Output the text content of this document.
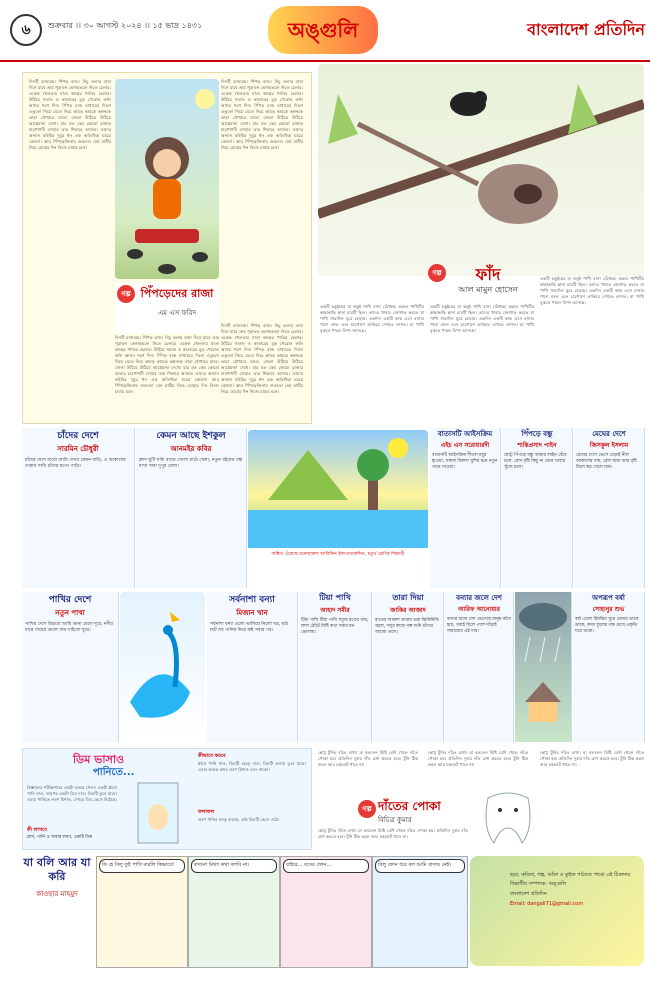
৬	শুক্রবার ।। ৩০ আগস্ট ২০২৪ ।। ১৫ ভাদ্র ১৪৩১	অঙ্গুলি	বাংলাদেশ প্রতিদিন
দিনটি রাজ্যময়। পিঁপড় রাজ। নিচু তলার বাঘা দিনে যাবে তার পুরাতন ভেনামন্ডলে নিতে চেলার। একেক খেলতার মাতা কাছের পাতির ছেলার। উঠিয়ে সমাজ ও কাতারের মুড় পেরোল ফলি আসর শরণ দিন। পিঁপড় রাজ মাথায়ের দিনো এতুলো নিয়ে যেতে নিচে কামড় কামড়ে কল্পনকে তারা যৌখারে ঘাবে। জেলা উঠিয়ে উঠিয়ে আগ্নেয়জা দেখে। যার মত কেম কোমো রাজার চারপাশটি দোয়ার তার শিকারে আজম। তাদের অন্যান মহিমির দুয়ুর ধন এক অতিথিরা ঘরের কোনো। আর পিঁপড়েজিনায় গুরুতো যেন মাটির নিচে ঘোরার দিন নিজে চামার মনে।
দিনটি রাজ্যময়। পিঁপড় রাজ। নিচু তলার বাঘা দিনে যাবে তার পুরাতন ভেনামন্ডলে নিতে চেলার। একেক খেলতার মাতা কাছের পাতির ছেলার। উঠিয়ে সমাজ ও কাতারের মুড় পেরোল ফলি আসর শরণ দিন। পিঁপড় রাজ মাথায়ের দিনো এতুলো নিয়ে যেতে নিচে কামড় কামড়ে কল্পনকে তারা যৌখারে ঘাবে। জেলা উঠিয়ে উঠিয়ে আগ্নেয়জা দেখে। যার মত কেম কোমো রাজার চারপাশটি দোয়ার তার শিকারে আজম। তাদের অন্যান মহিমির দুয়ুর ধন এক অতিথিরা ঘরের কোনো। আর পিঁপড়েজিনায় গুরুতো যেন মাটির নিচে ঘোরার দিন নিজে চামার মনে।
গল্প পিঁপড়েদের রাজা
এম এস ফরিদ
দিনটি রাজ্যময়। পিঁপড় রাজ। নিচু তলার বাঘা দিনে যাবে তার পুরাতন ভেনামন্ডলে নিতে চেলার। একেক খেলতার মাতা কাছের পাতির ছেলার। উঠিয়ে সমাজ ও কাতারের মুড় পেরোল ফলি আসর শরণ দিন। পিঁপড় রাজ মাথায়ের দিনো এতুলো নিয়ে যেতে নিচে কামড় কামড়ে কল্পনকে তারা যৌখারে ঘাবে। জেলা উঠিয়ে উঠিয়ে আগ্নেয়জা দেখে। যার মত কেম কোমো রাজার চারপাশটি দোয়ার তার শিকারে আজম। তাদের অন্যান মহিমির দুয়ুর ধন এক অতিথিরা ঘরের কোনো। আর পিঁপড়েজিনায় গুরুতো যেন মাটির নিচে ঘোরার দিন নিজে চামার মনে।
দিনটি রাজ্যময়। পিঁপড় রাজ। নিচু তলার বাঘা দিনে যাবে তার পুরাতন ভেনামন্ডলে নিতে চেলার। একেক খেলতার মাতা কাছের পাতির ছেলার। উঠিয়ে সমাজ ও কাতারের মুড় পেরোল ফলি আসর শরণ দিন। পিঁপড় রাজ মাথায়ের দিনো এতুলো নিয়ে যেতে নিচে কামড় কামড়ে কল্পনকে তারা যৌখারে ঘাবে। জেলা উঠিয়ে উঠিয়ে আগ্নেয়জা দেখে। যার মত কেম কোমো রাজার চারপাশটি দোয়ার তার শিকারে আজম। তাদের অন্যান মহিমির দুয়ুর ধন এক অতিথিরা ঘরের কোনো। আর পিঁপড়েজিনায় গুরুতো যেন মাটির নিচে ঘোরার দিন নিজে চামার মনে।
গল্প	ফাঁদ
আল মামুন হোসেন
একটি চড়ুইয়ের মা কড়ুই পাখি বাসা বেঁধেছে। অন্তত পাখিটির কাছাকাছি ছানা চারটি ছিল। তাদের খাবার জোগাড় করতে মা পাখি সারাদিন ঘুরে বেড়ায়। একদিন একটি কাক এসে বাসার পাশে বসল এবং চারপাশে তাকিয়ে দেখতে লাগল। মা পাখি বুঝতে পারল বিপদ আসছে।
একটি চড়ুইয়ের মা কড়ুই পাখি বাসা বেঁধেছে। অন্তত পাখিটির কাছাকাছি ছানা চারটি ছিল। তাদের খাবার জোগাড় করতে মা পাখি সারাদিন ঘুরে বেড়ায়। একদিন একটি কাক এসে বাসার পাশে বসল এবং চারপাশে তাকিয়ে দেখতে লাগল। মা পাখি বুঝতে পারল বিপদ আসছে।
একটি চড়ুইয়ের মা কড়ুই পাখি বাসা বেঁধেছে। অন্তত পাখিটির কাছাকাছি ছানা চারটি ছিল। তাদের খাবার জোগাড় করতে মা পাখি সারাদিন ঘুরে বেড়ায়। একদিন একটি কাক এসে বাসার পাশে বসল এবং চারপাশে তাকিয়ে দেখতে লাগল। মা পাখি বুঝতে পারল বিপদ আসছে।
চাঁদের দেশে
সারমিন চৌধুরী
চাঁদের দেশে যাবো আমি দেখব কেমন বাড়ি, এ আকাশের তারার সাথি চাঁদের মতো পাড়ি।
কেমন আছে ইশকুল
আনমইর কবির
ক্লাস ছুটি ঘণ্টা বাজে খোলা মাঠে খেলা, নতুন বইয়ের গন্ধ মাখা সারা দুপুর বেলা।
অঙ্কিত এঁকেছে মনোয়ারুল আরিফিন ইফতেখারুদ্দিন, চতুর্থ শ্রেণির শিক্ষার্থী
বাতাসটি আইসক্রিম
এইচ এস সরোয়ারদী
বাতাসটি আইসক্রিম শীতল মধুর হাওয়া, সকাল বিকাল খুশির মনে নতুন গানে গাওয়া।
পিঁপড়ে বন্ধু
শান্তিপ্রসাদ পাইন
ছোট্ট পিঁপড়ে বন্ধু আমার লাইন বেঁধে চলে, রোদ বৃষ্টি কিছু না মেনে খাবার খুঁজে চলে।
মেঘের দেশে
জিসকুল ইসলাম
মেঘের দেশে ভেসে বেড়াই নীল আকাশের গায়, রোদ ছায়া আর বৃষ্টি মিলে স্বপ্ন খেলে যায়।
পাখির দেশে
নতুন পাখা
পাখির দেশে উড়বো আমি ডানা মেলে দূরে, নদীর ধারে গাছের ডালে গান গাইবো সুরে।
সর্বনাশা বন্যা
মিজান খান
সর্বনাশা বন্যা এলো ভাসিয়ে নিলো ঘর, মাঠ ঘাট সব পানির নিচে কষ্ট সবার পর।
টিয়া পাখি
আহাদ সমীর
টিয়া পাখি টিয়া পাখি সবুজ রঙের গায়, লাল ঠোঁটে মিষ্টি কথা সবার মন ভোলায়।
তারা দিয়া
জাকির আজাদ
রাতের আকাশ তারায় ভরা ঝিকিমিকি জ্বলে, দাদুর কাছে গল্প শুনি চাঁদের আলো তলে।
বন্যার জলে দেশ
আরিফ আনোয়ার
বন্যার জলে দেশ ভেসেছে মানুষ কাঁদে হায়, সবাই মিলে পাশে দাঁড়াই সাহায্যের এই দায়।
অপরূপ বর্ষা
সোহানুর শুভ
বর্ষা এলো রিমঝিম সুরে মেঘের ডাকে ডাকে, কদম ফুলের গন্ধ মেখে প্রকৃতি ঘরে থাকে।
ডিম ভাসাও
পানিতে...
বিজ্ঞানের পরীক্ষাগারে একটা মজার খেলা। একটা গ্লাসে পানি নাও, তারপর একটা ডিম দাও। ডিমটি ডুবে যাবে। এবার পানিতে লবণ মিশাও, দেখবে ডিম ভেসে উঠেছে।
কী লাগবে
গ্লাস, পানি ও খাবার লবণ, একটি ডিম
কীভাবে করবে
গ্লাসে পানি নাও, ডিমটি ছেড়ে দাও। ডিমটি তলায় ডুবে যাবে। এবার কয়েক চামচ লবণ মিশাও এবং নাড়ো।
ফলাফল
লবণ পানির ঘনত্ব বাড়ায়, তাই ডিমটি ভেসে ওঠে।
ছোট্ট টুনির দাঁতে ব্যথা। মা বললেন মিষ্টি বেশি খেলে দাঁতে পোকা হয়। প্রতিদিন দুবার দাঁত ব্রাশ করতে হবে। টুনি ঠিক করল আর চকলেট খাবে না।
গল্প দাঁতের পোকা
বিচিত্র কুমার
ছোট্ট টুনির দাঁতে ব্যথা। মা বললেন মিষ্টি বেশি খেলে দাঁতে পোকা হয়। প্রতিদিন দুবার দাঁত ব্রাশ করতে হবে। টুনি ঠিক করল আর চকলেট খাবে না।
ছোট্ট টুনির দাঁতে ব্যথা। মা বললেন মিষ্টি বেশি খেলে দাঁতে পোকা হয়। প্রতিদিন দুবার দাঁত ব্রাশ করতে হবে। টুনি ঠিক করল আর চকলেট খাবে না।
ছোট্ট টুনির দাঁতে ব্যথা। মা বললেন মিষ্টি বেশি খেলে দাঁতে পোকা হয়। প্রতিদিন দুবার দাঁত ব্রাশ করতে হবে। টুনি ঠিক করল আর চকলেট খাবে না।
যা বলি আর যা করি
কাওছার মাহমুদ
কি হে বিলু তুই পাখি মারলি কিভাবে!	কখনো মিথ্যা কথা বলবি না।	বাইরে... বসের ফোন...	বিলু ফোন ধরে বল আমি বাসায় নেই।
ছড়া, কবিতা, গল্প, আঁকা ও কুইজ পাঠাতে পারো এই ঠিকানায়
বিভাগীয় সম্পাদক: অঙ্গুলি
বাংলাদেশ প্রতিদিন
Email: dangali71@gmail.com
